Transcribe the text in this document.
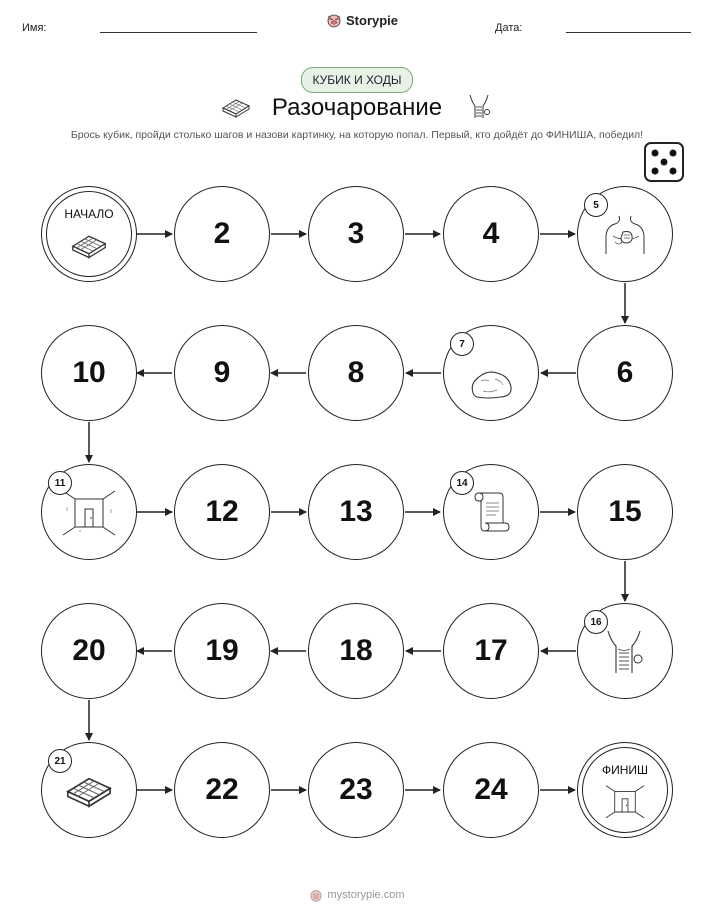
Имя:
Storypie
Дата:
КУБИК И ХОДЫ
Разочарование
Брось кубик, пройди столько шагов и назови картинку, на которую попал. Первый, кто дойдёт до ФИНИША, победил!
НАЧАЛО
2	3	4
5
10	9	8
7
6
11
12	13
14
15
20	19	18	17
16
21
22	23	24
ФИНИШ
mystorypie.com
